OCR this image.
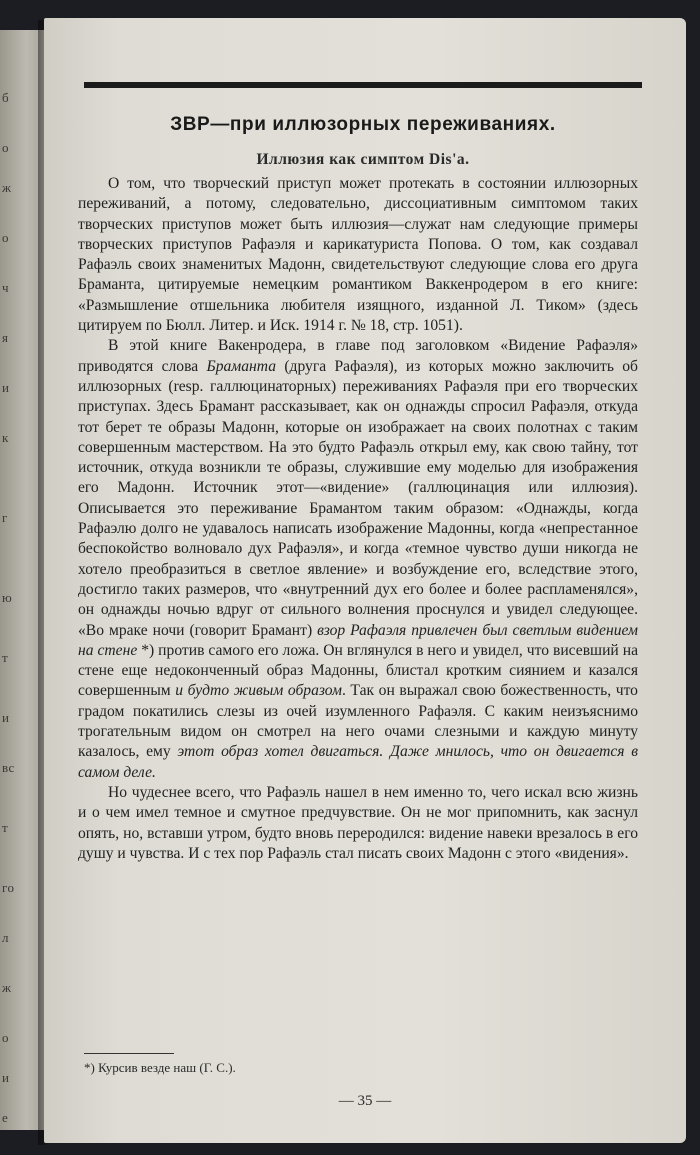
б
о
ж
о
ч
я
и
к
г
ю
т
и
вс
т
го
л
ж
о
и
е
ЗВР—при иллюзорных переживаниях.
Иллюзия как симптом Dis'a.

О том, что творческий приступ может протекать в состоянии иллюзорных переживаний, а потому, следовательно, диссоциативным симптомом таких творческих приступов может быть иллюзия—служат нам следующие примеры творческих приступов Рафаэля и карикатуриста Попова. О том, как создавал Рафаэль своих знаменитых Мадонн, свидетельствуют следующие слова его друга Браманта, цитируемые немецким романтиком Ваккенродером в его книге: «Размышление отшельника любителя изящного, изданной Л. Тиком» (здесь цитируем по Бюлл. Литер. и Иск. 1914 г. № 18, стр. 1051).

В этой книге Вакенродера, в главе под заголовком «Видение Рафаэля» приводятся слова Браманта (друга Рафаэля), из которых можно заключить об иллюзорных (resp. галлюцинаторных) переживаниях Рафаэля при его творческих приступах. Здесь Брамант рассказывает, как он однажды спросил Рафаэля, откуда тот берет те образы Мадонн, которые он изображает на своих полотнах с таким совершенным мастерством. На это будто Рафаэль открыл ему, как свою тайну, тот источник, откуда возникли те образы, служившие ему моделью для изображения его Мадонн. Источник этот—«видение» (галлюцинация или иллюзия). Описывается это переживание Брамантом таким образом: «Однажды, когда Рафаэлю долго не удавалось написать изображение Мадонны, когда «непрестанное беспокойство волновало дух Рафаэля», и когда «темное чувство души никогда не хотело преобразиться в светлое явление» и возбуждение его, вследствие этого, достигло таких размеров, что «внутренний дух его более и более распламенялся», он однажды ночью вдруг от сильного волнения проснулся и увидел следующее. «Во мраке ночи (говорит Брамант) взор Рафаэля привлечен был светлым видением на стене *) против самого его ложа. Он вглянулся в него и увидел, что висевший на стене еще недоконченный образ Мадонны, блистал кротким сиянием и казался совершенным и будто живым образом. Так он выражал свою божественность, что градом покатились слезы из очей изумленного Рафаэля. С каким неизъяснимо трогательным видом он смотрел на него очами слезными и каждую минуту казалось, ему этот образ хотел двигаться. Даже мнилось, что он двигается в самом деле.

Но чудеснее всего, что Рафаэль нашел в нем именно то, чего искал всю жизнь и о чем имел темное и смутное предчувствие. Он не мог припомнить, как заснул опять, но, вставши утром, будто вновь переродился: видение навеки врезалось в его душу и чувства. И с тех пор Рафаэль стал писать своих Мадонн с этого «видения».

*) Курсив везде наш (Г. С.).
— 35 —
